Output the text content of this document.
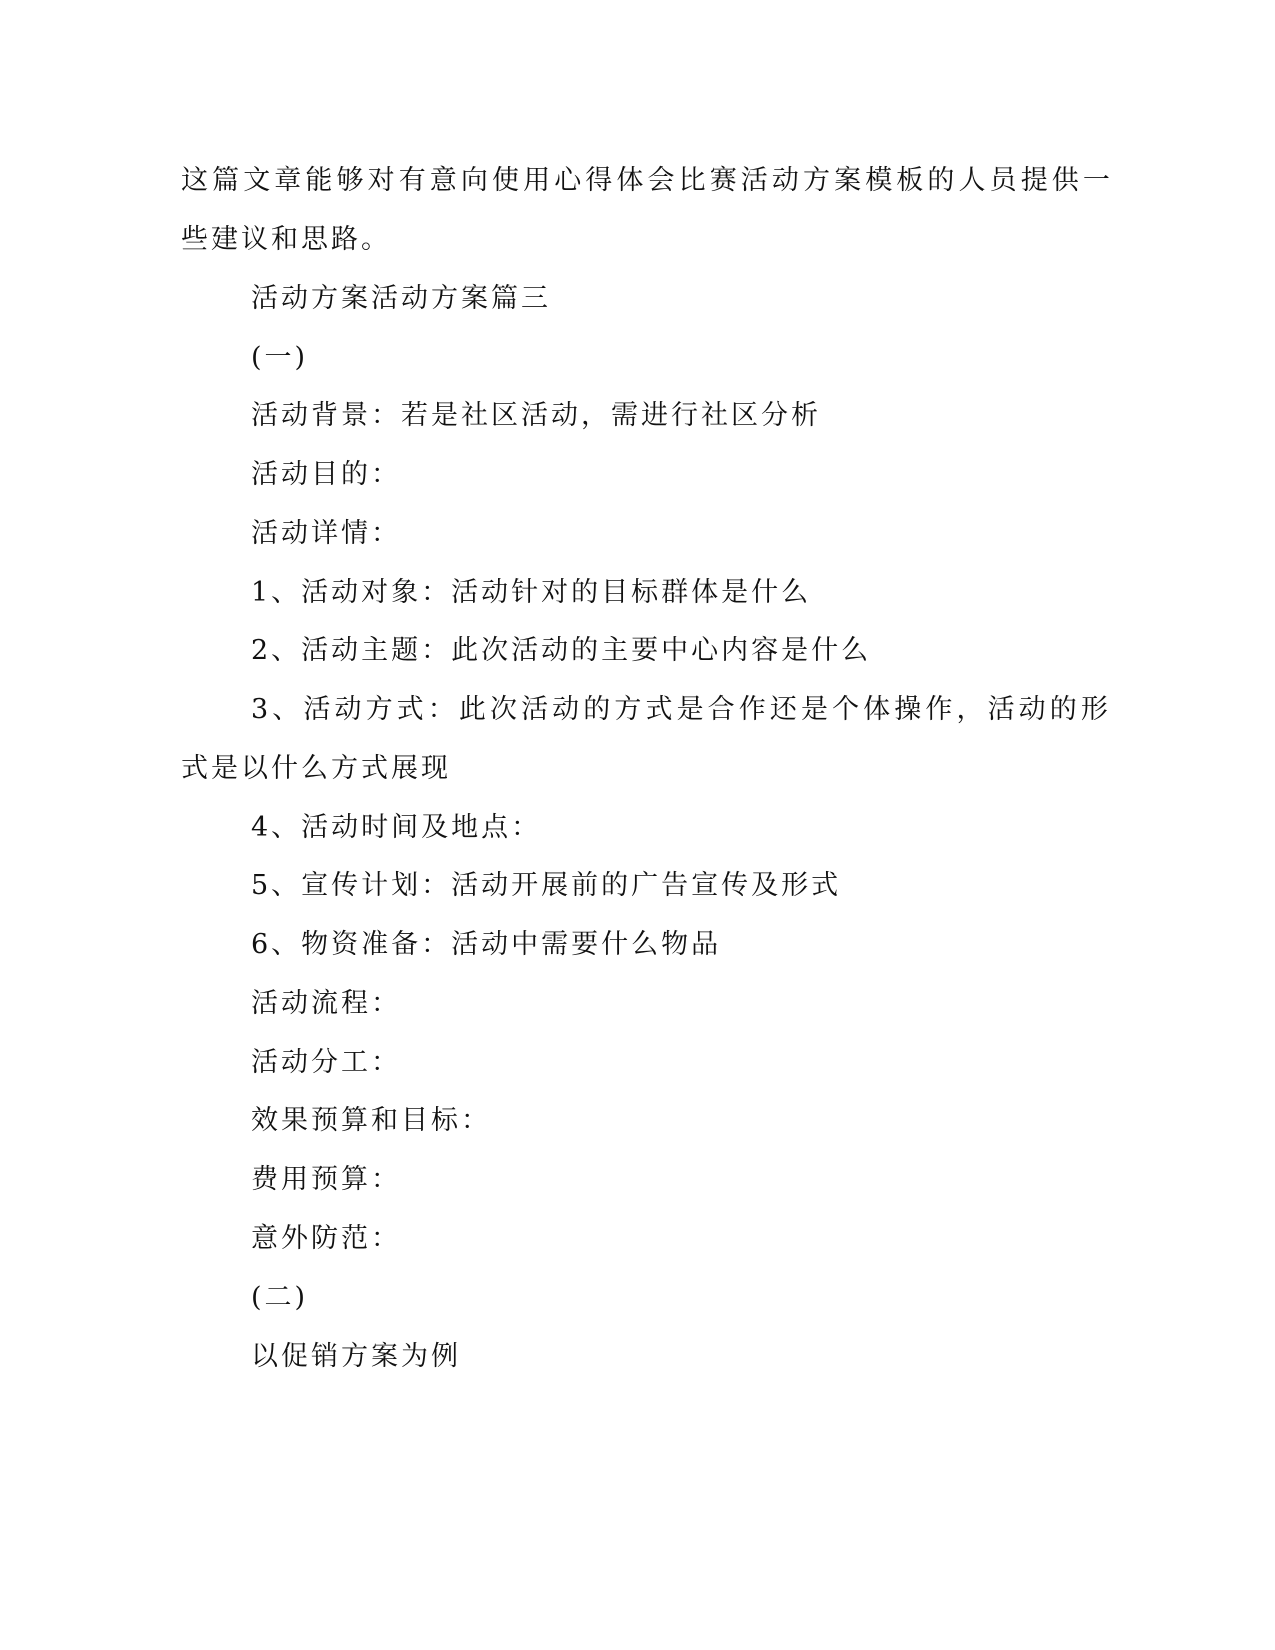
这篇文章能够对有意向使用心得体会比赛活动方案模板的人员提供一
些建议和思路。
活动方案活动方案篇三
(一)
活动背景：若是社区活动，需进行社区分析
活动目的：
活动详情：
1、活动对象：活动针对的目标群体是什么
2、活动主题：此次活动的主要中心内容是什么
3、活动方式：此次活动的方式是合作还是个体操作，活动的形
式是以什么方式展现
4、活动时间及地点：
5、宣传计划：活动开展前的广告宣传及形式
6、物资准备：活动中需要什么物品
活动流程：
活动分工：
效果预算和目标：
费用预算：
意外防范：
(二)
以促销方案为例
